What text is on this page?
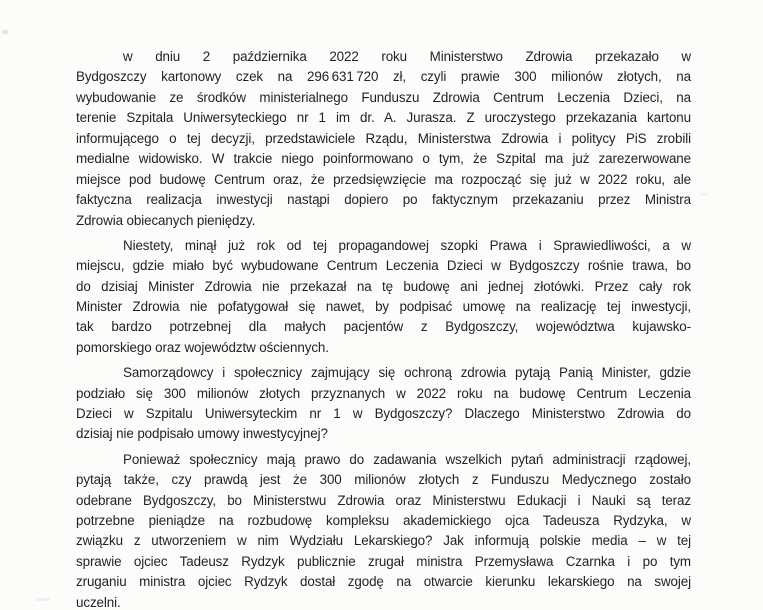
w dniu 2 października 2022 roku Ministerstwo Zdrowia przekazało w
Bydgoszczy kartonowy czek na 296 631 720 zł, czyli prawie 300 milionów złotych, na
wybudowanie ze środków ministerialnego Funduszu Zdrowia Centrum Leczenia Dzieci, na
terenie Szpitala Uniwersyteckiego nr 1 im dr. A. Jurasza. Z uroczystego przekazania kartonu
informującego o tej decyzji, przedstawiciele Rządu, Ministerstwa Zdrowia i politycy PiS zrobili
medialne widowisko. W trakcie niego poinformowano o tym, że Szpital ma już zarezerwowane
miejsce pod budowę Centrum oraz, że przedsięwzięcie ma rozpocząć się już w 2022 roku, ale
faktyczna realizacja inwestycji nastąpi dopiero po faktycznym przekazaniu przez Ministra
Zdrowia obiecanych pieniędzy.
Niestety, minął już rok od tej propagandowej szopki Prawa i Sprawiedliwości, a w
miejscu, gdzie miało być wybudowane Centrum Leczenia Dzieci w Bydgoszczy rośnie trawa, bo
do dzisiaj Minister Zdrowia nie przekazał na tę budowę ani jednej złotówki. Przez cały rok
Minister Zdrowia nie pofatygował się nawet, by podpisać umowę na realizację tej inwestycji,
tak bardzo potrzebnej dla małych pacjentów z Bydgoszczy, województwa kujawsko-
pomorskiego oraz województw ościennych.
Samorządowcy i społecznicy zajmujący się ochroną zdrowia pytają Panią Minister, gdzie
podziało się 300 milionów złotych przyznanych w 2022 roku na budowę Centrum Leczenia
Dzieci w Szpitalu Uniwersyteckim nr 1 w Bydgoszczy? Dlaczego Ministerstwo Zdrowia do
dzisiaj nie podpisało umowy inwestycyjnej?
Ponieważ społecznicy mają prawo do zadawania wszelkich pytań administracji rządowej,
pytają także, czy prawdą jest że 300 milionów złotych z Funduszu Medycznego zostało
odebrane Bydgoszczy, bo Ministerstwu Zdrowia oraz Ministerstwu Edukacji i Nauki są teraz
potrzebne pieniądze na rozbudowę kompleksu akademickiego ojca Tadeusza Rydzyka, w
związku z utworzeniem w nim Wydziału Lekarskiego? Jak informują polskie media – w tej
sprawie ojciec Tadeusz Rydzyk publicznie zrugał ministra Przemysława Czarnka i po tym
zruganiu ministra ojciec Rydzyk dostał zgodę na otwarcie kierunku lekarskiego na swojej
uczelni.
